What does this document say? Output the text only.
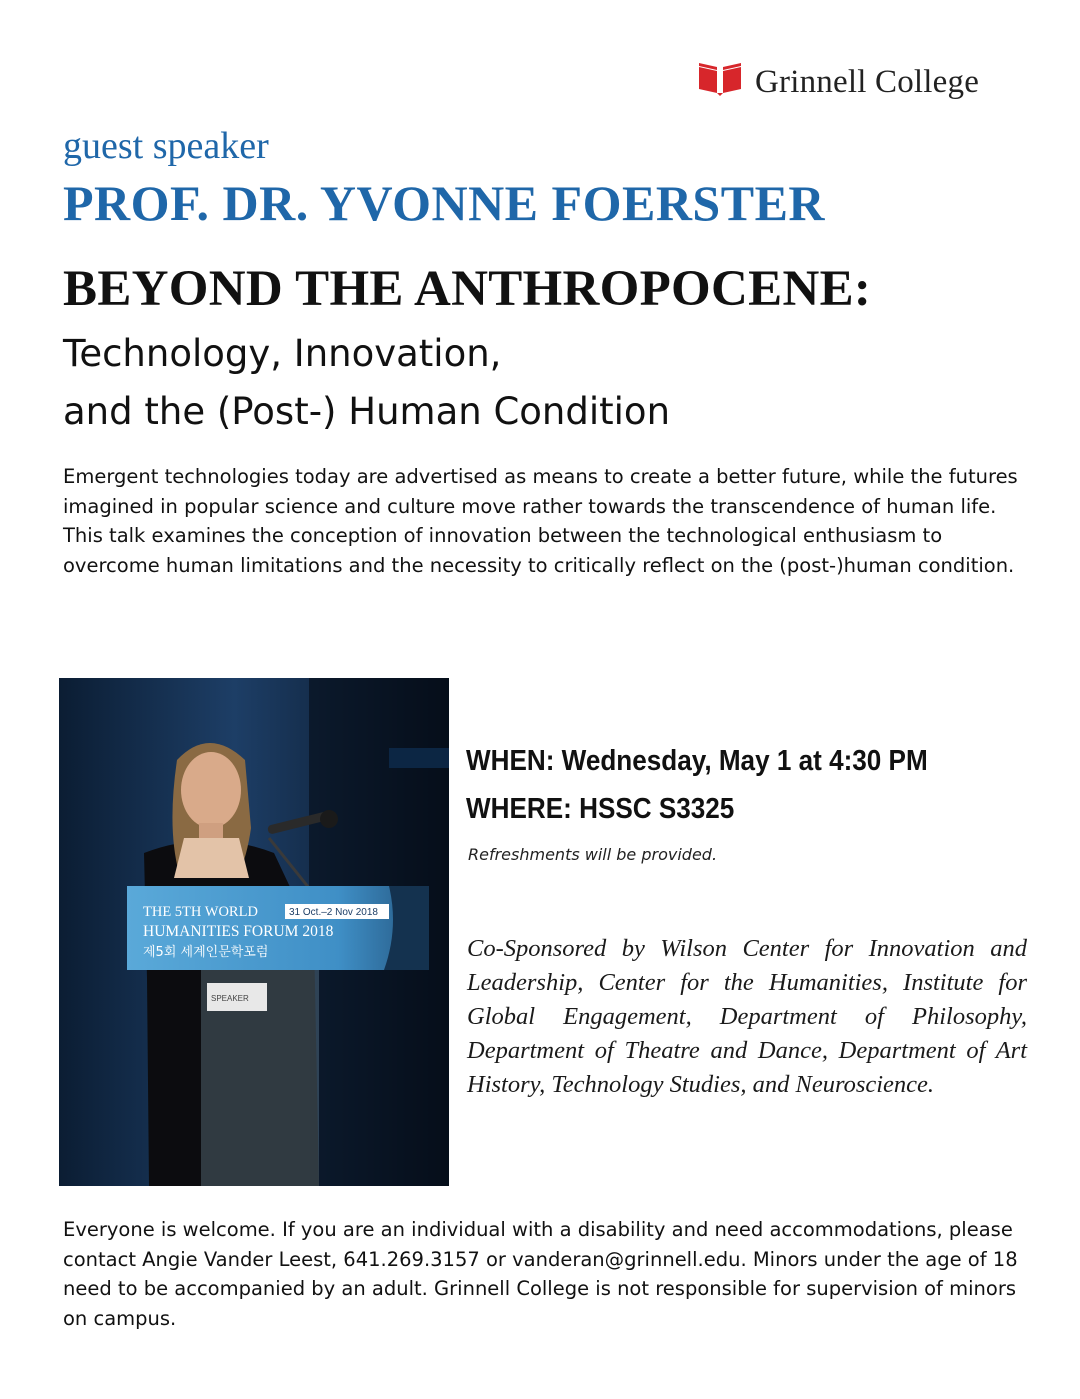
Grinnell College
guest speaker
PROF. DR. YVONNE FOERSTER
BEYOND THE ANTHROPOCENE:
Technology, Innovation,
and the (Post-) Human Condition
Emergent technologies today are advertised as means to create a better future, while the futures imagined in popular science and culture move rather towards the transcendence of human life. This talk examines the conception of innovation between the technological enthusiasm to overcome human limitations and the necessity to critically reflect on the (post-)human condition.
THE 5TH WORLD	31 Oct.–2 Nov 2018
HUMANITIES FORUM 2018
제5회 세계인문학포럼
SPEAKER
WHEN: Wednesday, May 1 at 4:30 PM
WHERE: HSSC S3325
Refreshments will be provided.
Co-Sponsored by Wilson Center for Innovation and Leadership, Center for the Humanities, Institute for Global Engagement, Department of Philosophy, Department of Theatre and Dance, Department of Art History, Technology Studies, and Neuroscience.
Everyone is welcome. If you are an individual with a disability and need accommodations, please contact Angie Vander Leest, 641.269.3157 or vanderan@grinnell.edu. Minors under the age of 18 need to be accompanied by an adult. Grinnell College is not responsible for supervision of minors on campus.
